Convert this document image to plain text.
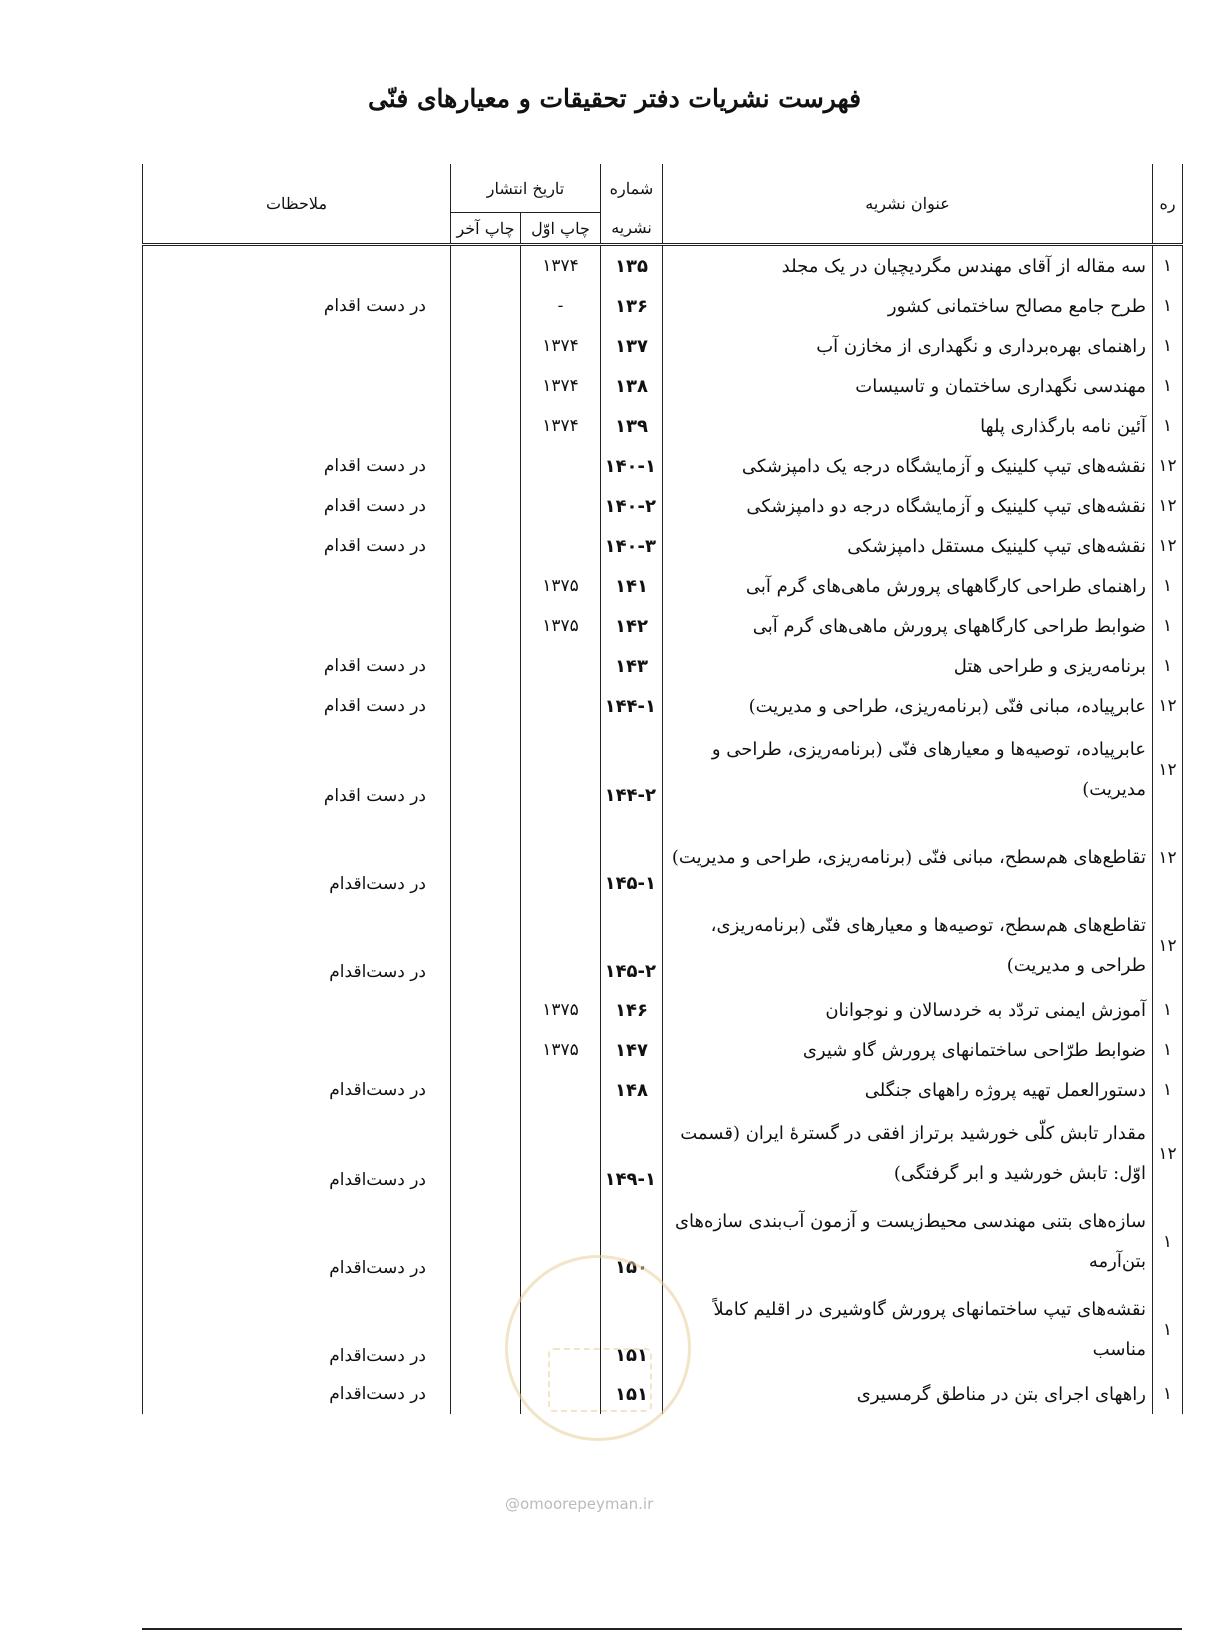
فهرست نشریات دفتر تحقیقات و معیارهای فنّی
ره	عنوان نشریه	شماره	تاریخ انتشار		ملاحظات
		نشریه	چاپ اوّل	چاپ آخر	
۱	سه مقاله از آقای مهندس مگردیچیان در یک مجلد	۱۳۵	۱۳۷۴		
۱	طرح جامع مصالح ساختمانی کشور	۱۳۶	-		در دست اقدام
۱	راهنمای بهره‌برداری و نگهداری از مخازن آب	۱۳۷	۱۳۷۴		
۱	مهندسی نگهداری ساختمان و تاسیسات	۱۳۸	۱۳۷۴		
۱	آئین نامه بارگذاری پلها	۱۳۹	۱۳۷۴		
۱۲	نقشه‌های تیپ کلینیک و آزمایشگاه درجه یک دامپزشکی	۱۴۰-۱			در دست اقدام
۱۲	نقشه‌های تیپ کلینیک و آزمایشگاه درجه دو دامپزشکی	۱۴۰-۲			در دست اقدام
۱۲	نقشه‌های تیپ کلینیک مستقل دامپزشکی	۱۴۰-۳			در دست اقدام
۱	راهنمای طراحی کارگاههای پرورش ماهی‌های گرم آبی	۱۴۱	۱۳۷۵		
۱	ضوابط طراحی کارگاههای پرورش ماهی‌های گرم آبی	۱۴۲	۱۳۷۵		
۱	برنامه‌ریزی و طراحی هتل	۱۴۳			در دست اقدام
۱۲	عابرپیاده، مبانی فنّی (برنامه‌ریزی، طراحی و مدیریت)	۱۴۴-۱			در دست اقدام
۱۲	عابرپیاده، توصیه‌ها و معیارهای فنّی (برنامه‌ریزی، طراحی و مدیریت)	۱۴۴-۲			در دست اقدام
۱۲	تقاطع‌های هم‌سطح، مبانی فنّی (برنامه‌ریزی، طراحی و مدیریت)	۱۴۵-۱			در دست‌اقدام
۱۲	تقاطع‌های هم‌سطح، توصیه‌ها و معیارهای فنّی (برنامه‌ریزی، طراحی و مدیریت)	۱۴۵-۲			در دست‌اقدام
۱	آموزش ایمنی تردّد به خردسالان و نوجوانان	۱۴۶	۱۳۷۵		
۱	ضوابط طرّاحی ساختمانهای پرورش گاو شیری	۱۴۷	۱۳۷۵		
۱	دستورالعمل تهیه پروژه راههای جنگلی	۱۴۸			در دست‌اقدام
۱۲	مقدار تابش کلّی خورشید برتراز افقی در گسترهٔ ایران (قسمت اوّل: تابش خورشید و ابر گرفتگی)	۱۴۹-۱			در دست‌اقدام
۱	سازه‌های بتنی مهندسی محیط‌زیست و آزمون آب‌بندی سازه‌های بتن‌آرمه	۱۵۰			در دست‌اقدام
۱	نقشه‌های تیپ ساختمانهای پرورش گاوشیری در اقلیم کاملاً مناسب	۱۵۱			در دست‌اقدام
۱	راههای اجرای بتن در مناطق گرمسیری	۱۵۱			در دست‌اقدام
@omoorepeyman.ir
